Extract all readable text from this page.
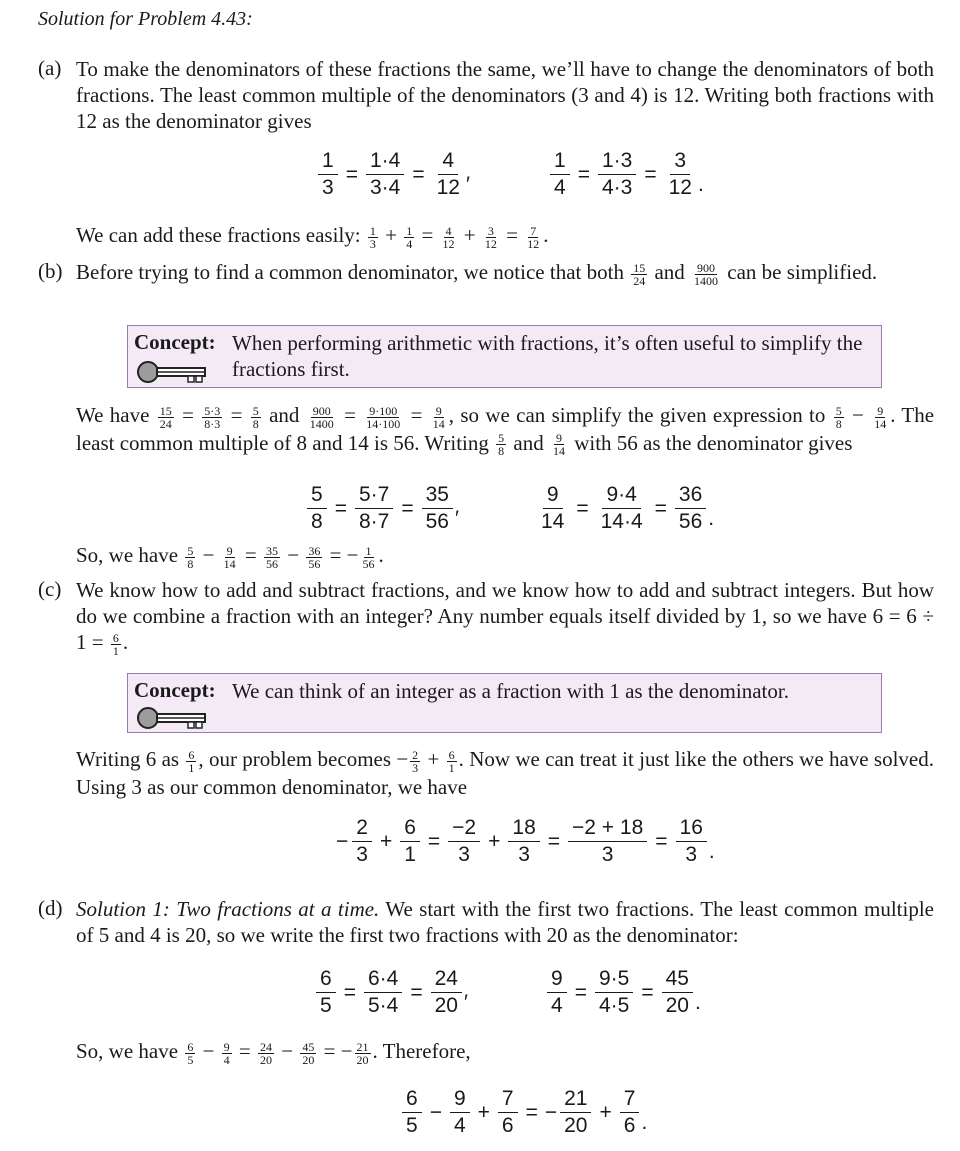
Solution for Problem 4.43:
(a) To make the denominators of these fractions the same, we’ll have to change the denominators of both fractions. The least common multiple of the denominators (3 and 4) is 12. Writing both fractions with 12 as the denominator gives
$\frac{1}{3} = \frac{1\cdot 4}{3\cdot 4} = \frac{4}{12}$ ′	$\frac{1}{4} = \frac{1\cdot 3}{4\cdot 3} = \frac{3}{12}$ .
We can add these fractions easily: $\frac{1}{3} + \frac{1}{4} = \frac{4}{12} + \frac{3}{12} = \frac{7}{12}$ .
(b) Before trying to find a common denominator, we notice that both $\frac{15}{24}$ and $\frac{900}{1400}$ can be simplified.
Concept: When performing arithmetic with fractions, it’s often useful to simplify the fractions first.
We have $\frac{15}{24} = \frac{5\cdot 3}{8\cdot 3} = \frac{5}{8}$ and $\frac{900}{1400} = \frac{9\cdot 100}{14\cdot 100} = \frac{9}{14}$ , so we can simplify the given expression to $\frac{5}{8} - \frac{9}{14}$ . The least common multiple of 8 and 14 is 56. Writing $\frac{5}{8}$ and $\frac{9}{14}$ with 56 as the denominator gives
$\frac{5}{8} = \frac{5\cdot 7}{8\cdot 7} = \frac{35}{56}$ ′	$\frac{9}{14} = \frac{9\cdot 4}{14\cdot 4} = \frac{36}{56}$ .
So, we have $\frac{5}{8} - \frac{9}{14} = \frac{35}{56} - \frac{36}{56}$ = − $\frac{1}{56}$ .
(c) We know how to add and subtract fractions, and we know how to add and subtract integers. But how do we combine a fraction with an integer? Any number equals itself divided by 1, so we have $6 = 6 \div 1 = \frac{6}{1}$ .
Concept: We can think of an integer as a fraction with 1 as the denominator.
Writing 6 as $\frac{6}{1}$ , our problem becomes − $\frac{2}{3} + \frac{6}{1}$ . Now we can treat it just like the others we have solved. Using 3 as our common denominator, we have
− $\frac{2}{3} + \frac{6}{1} = \frac{-2}{3} + \frac{18}{3} = \frac{-2 + 18}{3} = \frac{16}{3}$ .
(d) Solution 1: Two fractions at a time. We start with the first two fractions. The least common multiple of 5 and 4 is 20, so we write the first two fractions with 20 as the denominator:
$\frac{6}{5} = \frac{6\cdot 4}{5\cdot 4} = \frac{24}{20}$ ′	$\frac{9}{4} = \frac{9\cdot 5}{4\cdot 5} = \frac{45}{20}$ .
So, we have $\frac{6}{5} - \frac{9}{4} = \frac{24}{20} - \frac{45}{20}$ = − $\frac{21}{20}$ . Therefore,
$\frac{6}{5} - \frac{9}{4} + \frac{7}{6}$ = − $\frac{21}{20} + \frac{7}{6}$ .
